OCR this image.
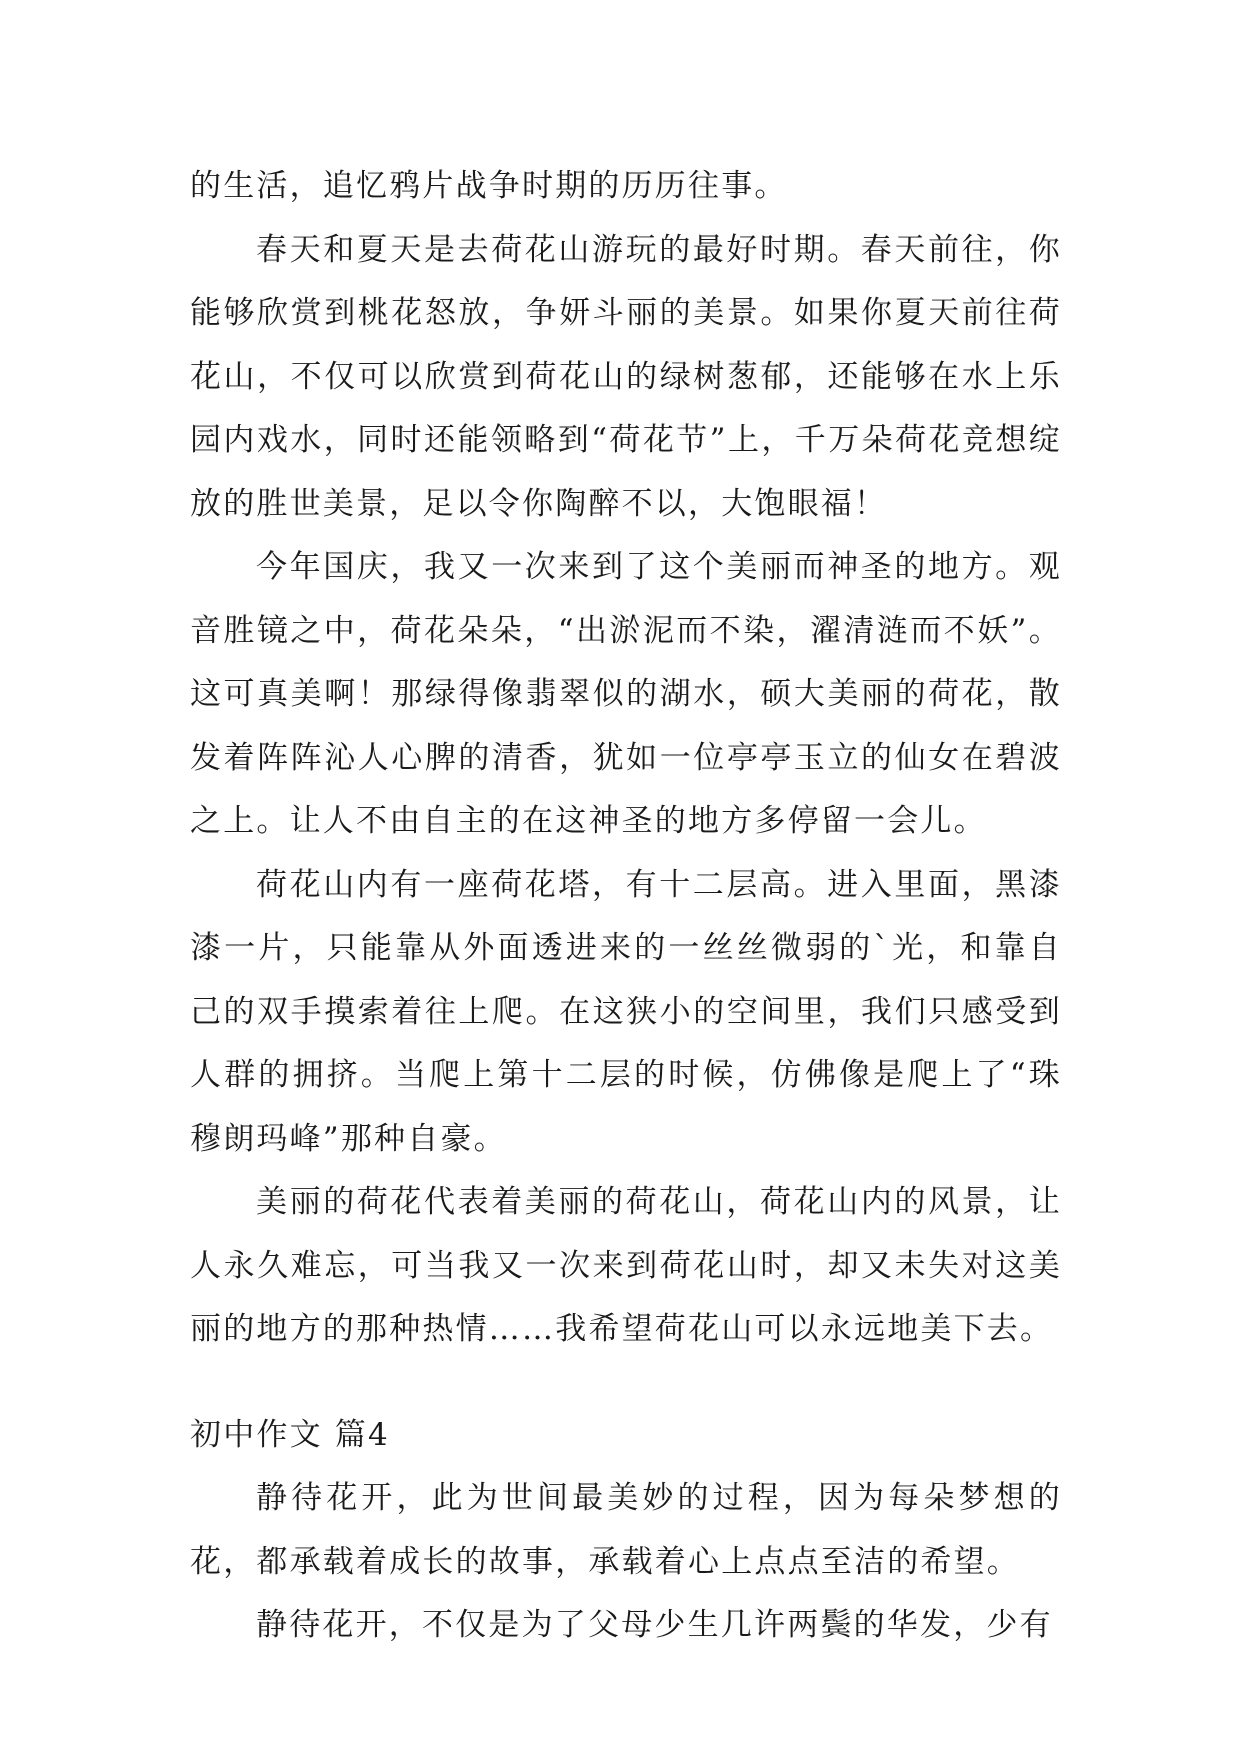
的生活，追忆鸦片战争时期的历历往事。

春天和夏天是去荷花山游玩的最好时期。春天前往，你能够欣赏到桃花怒放，争妍斗丽的美景。如果你夏天前往荷花山，不仅可以欣赏到荷花山的绿树葱郁，还能够在水上乐园内戏水，同时还能领略到“荷花节”上，千万朵荷花竞想绽放的胜世美景，足以令你陶醉不以，大饱眼福！

今年国庆，我又一次来到了这个美丽而神圣的地方。观音胜镜之中，荷花朵朵，“出淤泥而不染，濯清涟而不妖”。这可真美啊！那绿得像翡翠似的湖水，硕大美丽的荷花，散发着阵阵沁人心脾的清香，犹如一位亭亭玉立的仙女在碧波之上。让人不由自主的在这神圣的地方多停留一会儿。

荷花山内有一座荷花塔，有十二层高。进入里面，黑漆漆一片，只能靠从外面透进来的一丝丝微弱的`光，和靠自己的双手摸索着往上爬。在这狭小的空间里，我们只感受到人群的拥挤。当爬上第十二层的时候，仿佛像是爬上了“珠穆朗玛峰”那种自豪。

美丽的荷花代表着美丽的荷花山，荷花山内的风景，让人永久难忘，可当我又一次来到荷花山时，却又未失对这美丽的地方的那种热情……我希望荷花山可以永远地美下去。

初中作文 篇4

静待花开，此为世间最美妙的过程，因为每朵梦想的花，都承载着成长的故事，承载着心上点点至洁的希望。

静待花开，不仅是为了父母少生几许两鬓的华发，少有
